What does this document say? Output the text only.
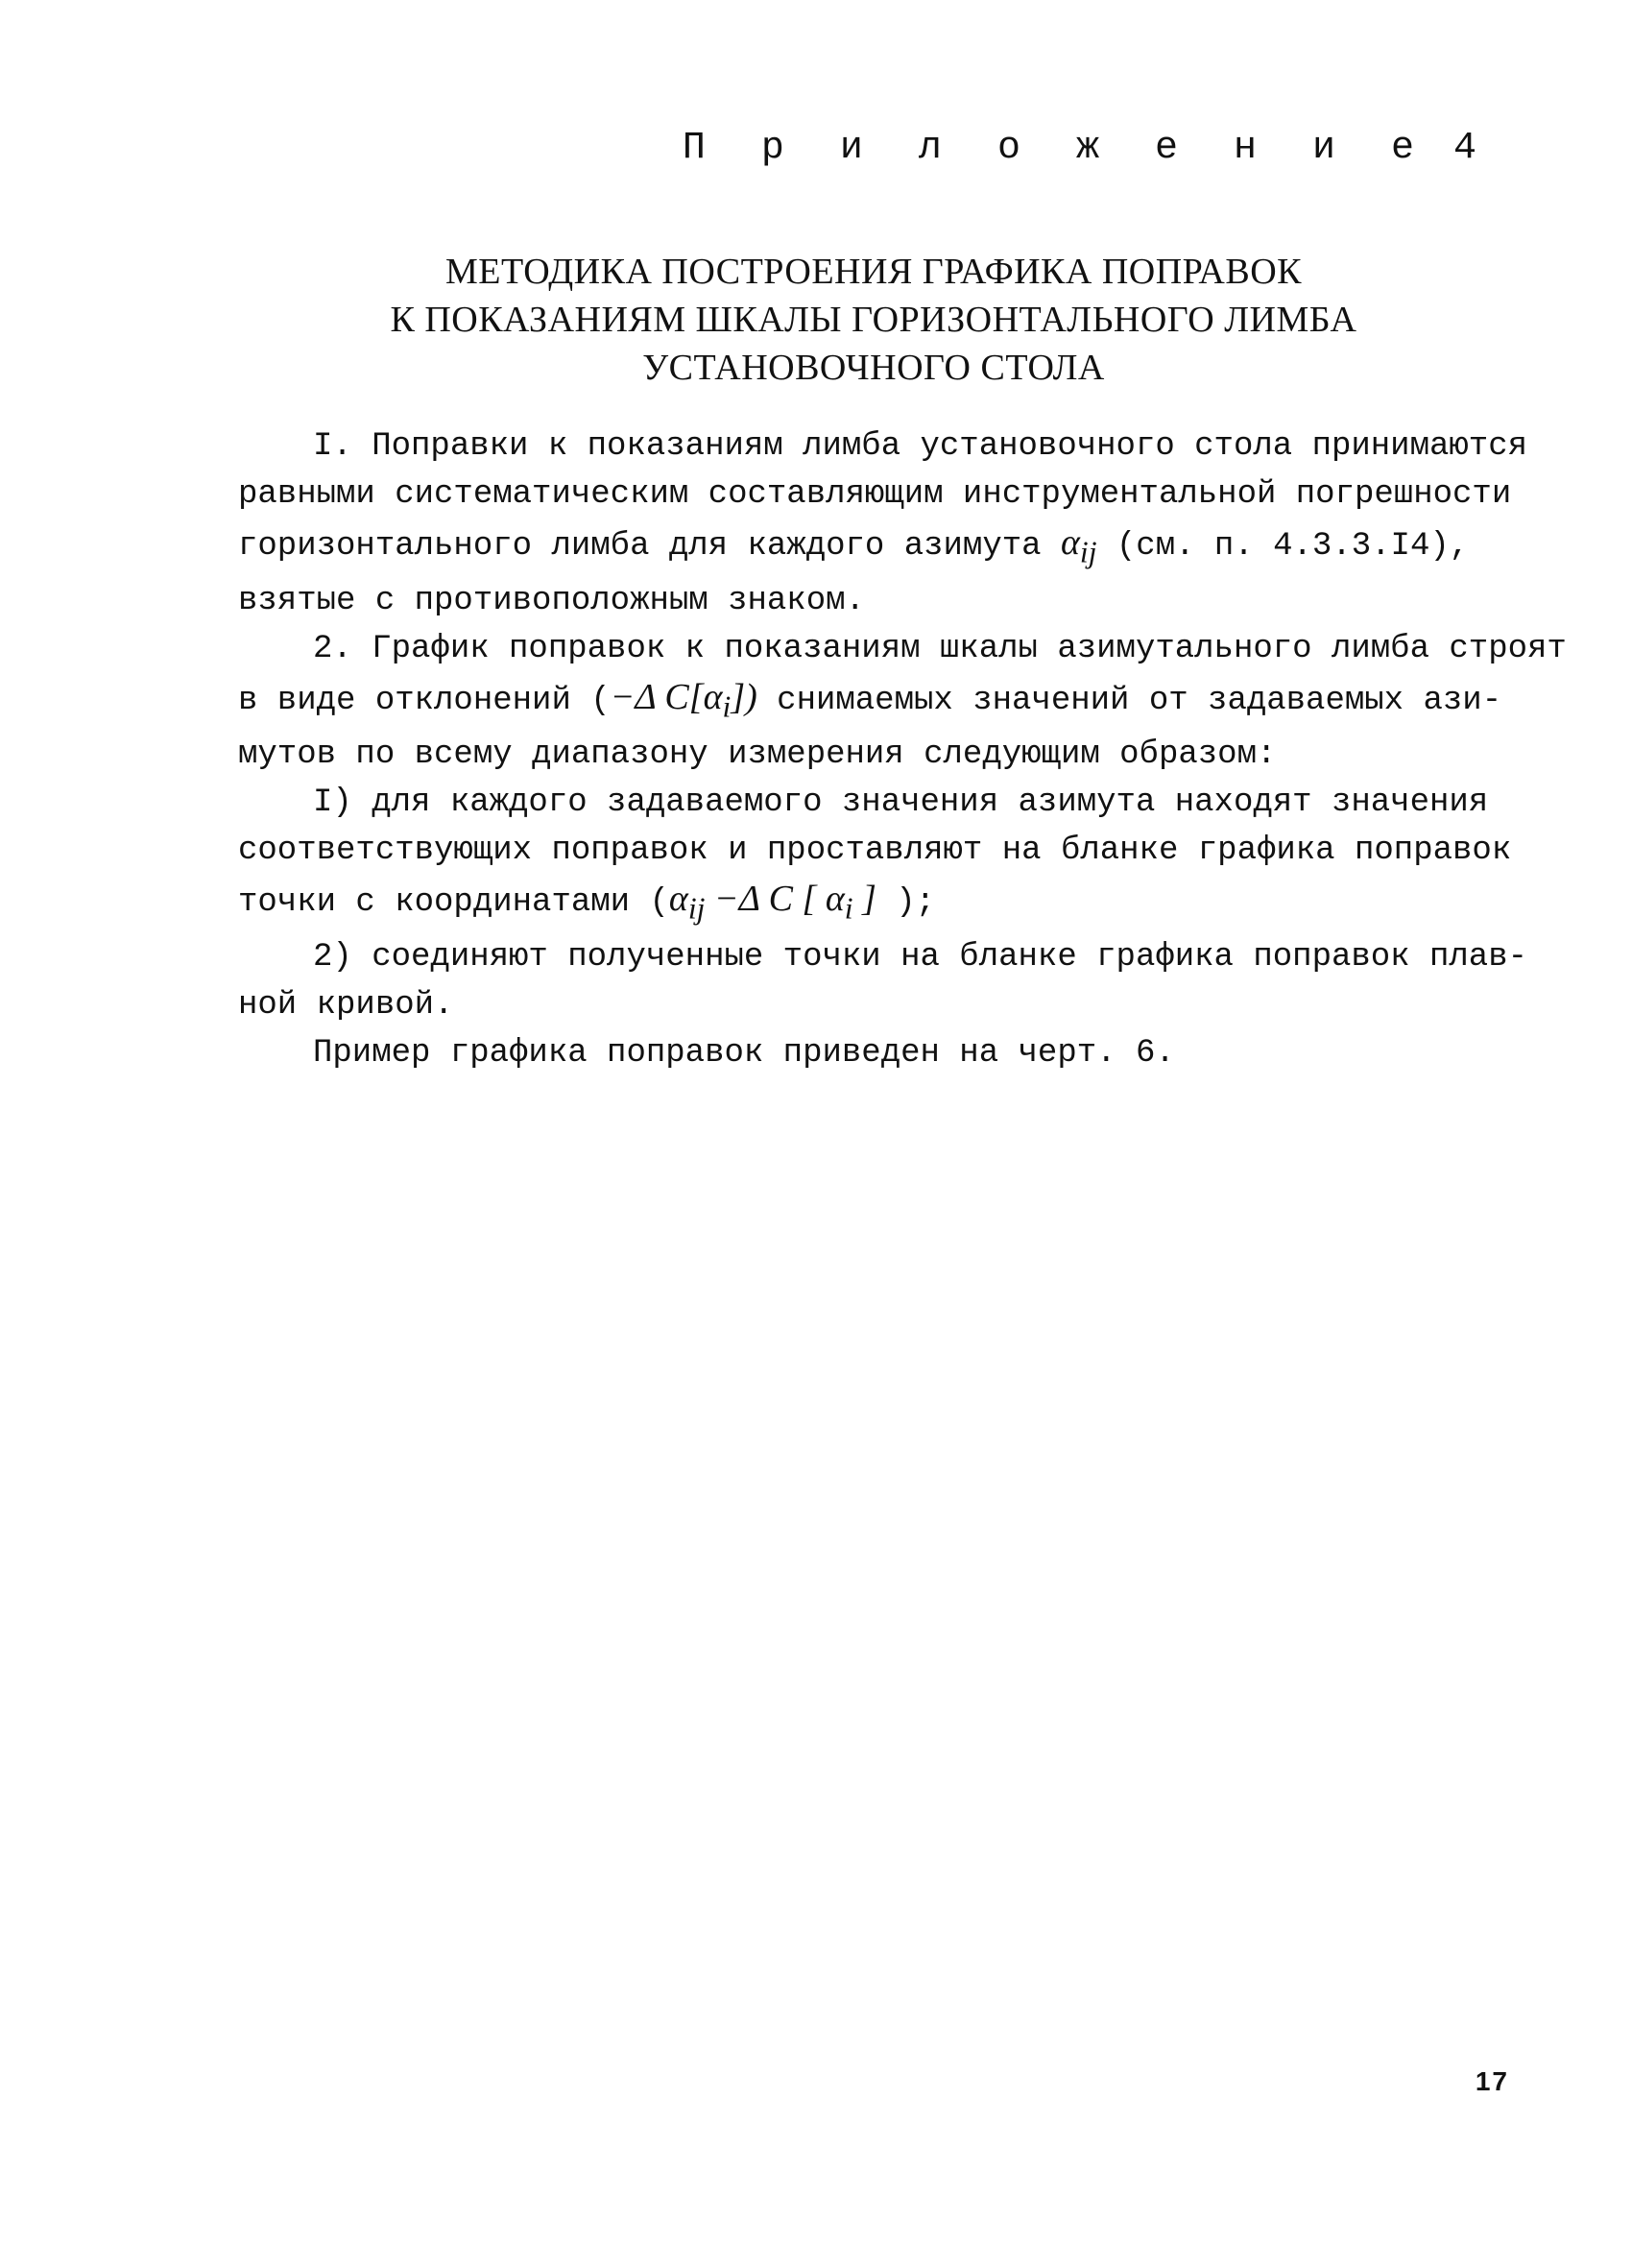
П р и л о ж е н и е 4
МЕТОДИКА ПОСТРОЕНИЯ ГРАФИКА ПОПРАВОК
К ПОКАЗАНИЯМ ШКАЛЫ ГОРИЗОНТАЛЬНОГО ЛИМБА
УСТАНОВОЧНОГО СТОЛА
I. Поправки к показаниям лимба установочного стола принимаются
равными систематическим составляющим инструментальной погрешности
горизонтального лимба для каждого азимута $\alpha_{ij}$ (см. п. 4.3.3.I4),
взятые с противоположным знаком.
2. График поправок к показаниям шкалы азимутального лимба строят
в виде отклонений (−Δ $C[\alpha_i]$) снимаемых значений от задаваемых ази-
мутов по всему диапазону измерения следующим образом:
I) для каждого задаваемого значения азимута находят значения
соответствующих поправок и проставляют на бланке графика поправок
точки с координатами ($\alpha_{ij} -\Delta$ C [ $\alpha_i$ ] );
2) соединяют полученные точки на бланке графика поправок плав-
ной кривой.
Пример графика поправок приведен на черт. 6.
17
